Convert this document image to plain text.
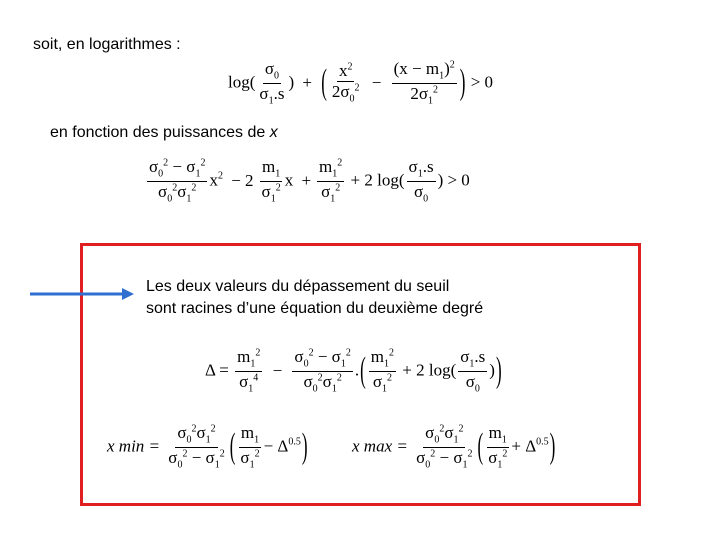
soit, en logarithmes :
$\log( \frac{\sigma_0}{\sigma_1.s}$ ) + ( $\frac{x^2}{2\sigma_0^2} - \frac{(x - m_1)^2}{2\sigma_1^2}$ ) > 0
en fonction des puissances de x
$\frac{\sigma_0^2 - \sigma_1^2}{\sigma_0^2\sigma_1^2} x^2 - 2 \frac{m_1}{\sigma_1^2}$ $x + \frac{m_1^2}{\sigma_1^2} + 2$ $\log( \frac{\sigma_1.s}{\sigma_0}$ ) > 0
Les deux valeurs du dépassement du seuil
sont racines d’une équation du deuxième degré
$\Delta = \frac{m_1^2}{\sigma_1^4} - \frac{\sigma_0^2 - \sigma_1^2}{\sigma_0^2\sigma_1^2}$ .( $\frac{m_1^2}{\sigma_1^2} + 2$ $\log( \frac{\sigma_1.s}{\sigma_0}$ ))
x $\min = \frac{\sigma_0^2\sigma_1^2}{\sigma_0^2 - \sigma_1^2}$ ( $\frac{m_1}{\sigma_1^2} - \Delta^{0.5}$)	x $\max = \frac{\sigma_0^2\sigma_1^2}{\sigma_0^2 - \sigma_1^2}$ ( $\frac{m_1}{\sigma_1^2} + \Delta^{0.5}$)
